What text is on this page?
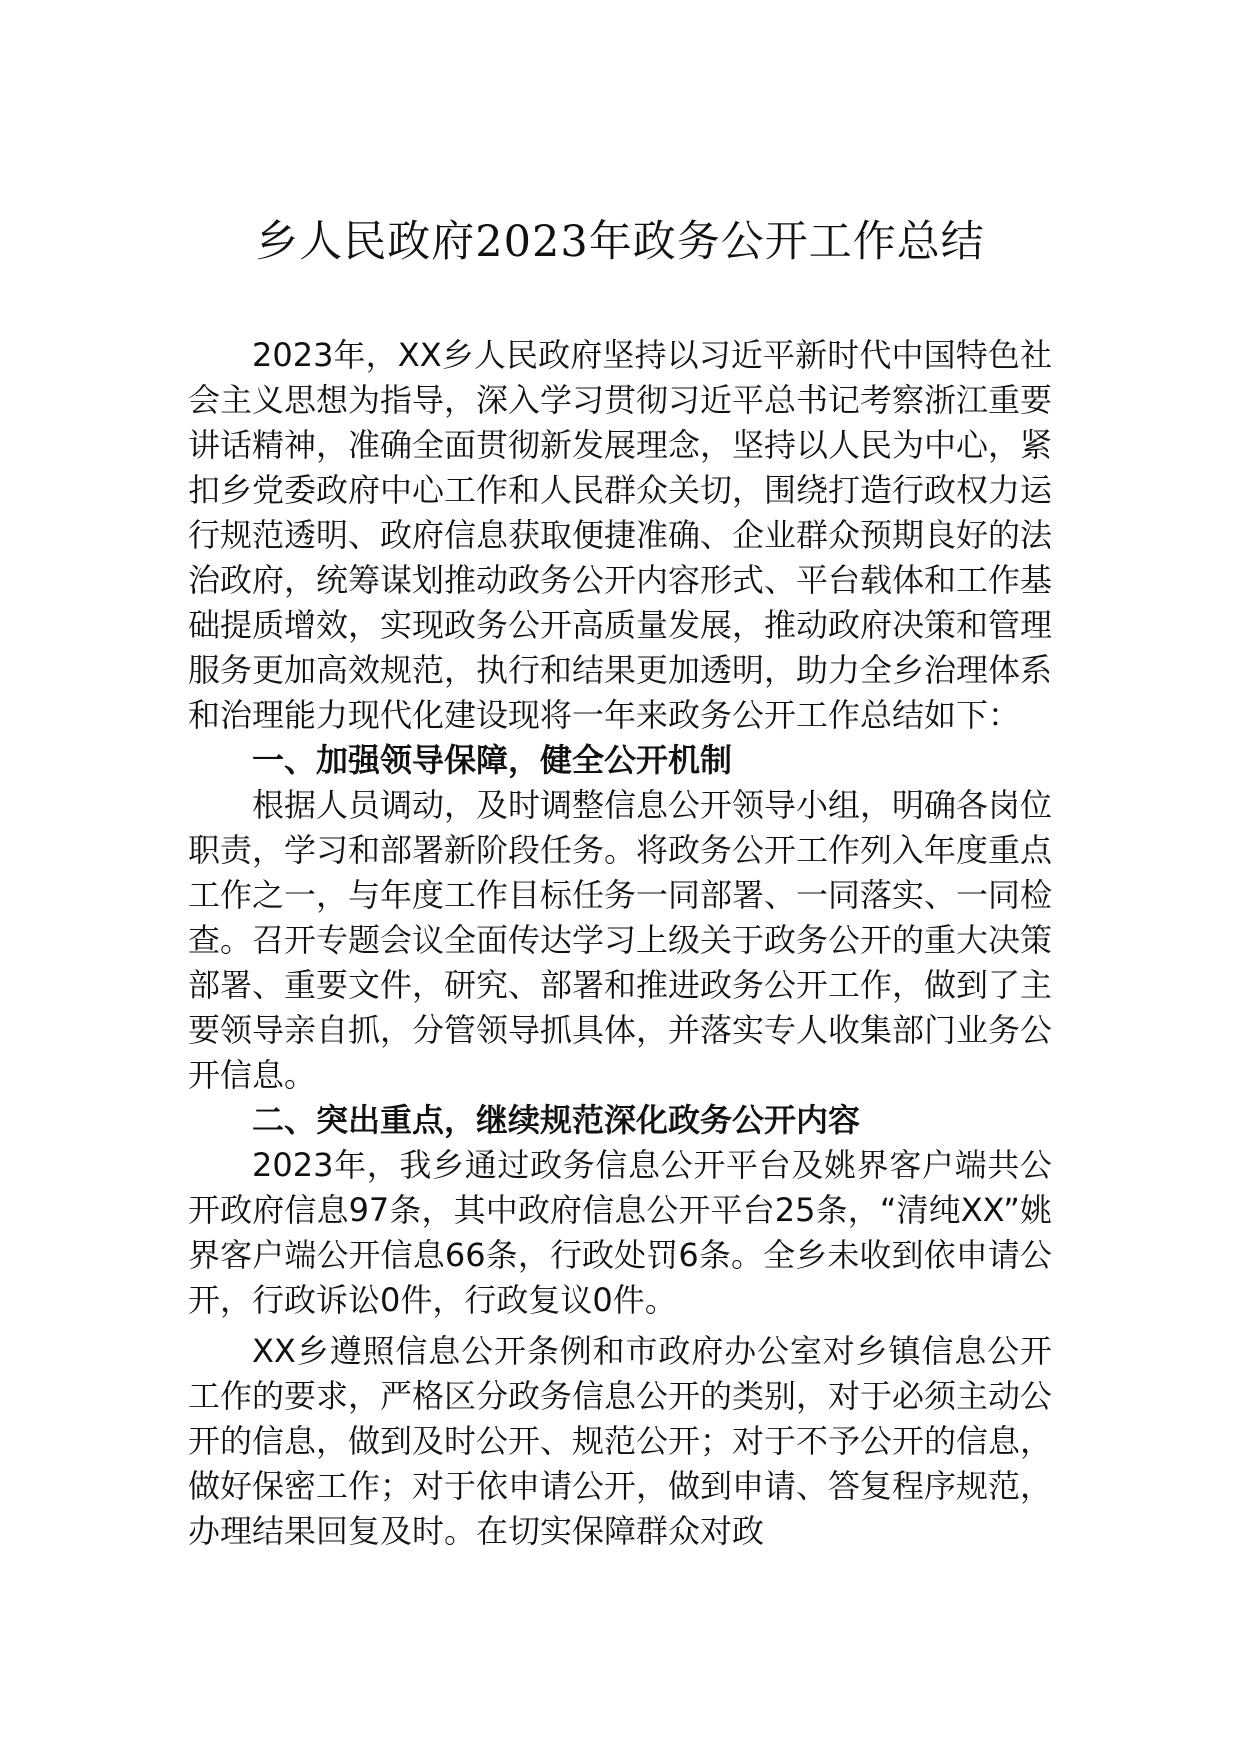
乡人民政府2023年政务公开工作总结

2023年，XX乡人民政府坚持以习近平新时代中国特色社会主义思想为指导，深入学习贯彻习近平总书记考察浙江重要讲话精神，准确全面贯彻新发展理念，坚持以人民为中心，紧扣乡党委政府中心工作和人民群众关切，围绕打造行政权力运行规范透明、政府信息获取便捷准确、企业群众预期良好的法治政府，统筹谋划推动政务公开内容形式、平台载体和工作基础提质增效，实现政务公开高质量发展，推动政府决策和管理服务更加高效规范，执行和结果更加透明，助力全乡治理体系和治理能力现代化建设现将一年来政务公开工作总结如下：

一、加强领导保障，健全公开机制

根据人员调动，及时调整信息公开领导小组，明确各岗位职责，学习和部署新阶段任务。将政务公开工作列入年度重点工作之一，与年度工作目标任务一同部署、一同落实、一同检查。召开专题会议全面传达学习上级关于政务公开的重大决策部署、重要文件，研究、部署和推进政务公开工作，做到了主要领导亲自抓，分管领导抓具体，并落实专人收集部门业务公开信息。

二、突出重点，继续规范深化政务公开内容

2023年，我乡通过政务信息公开平台及姚界客户端共公开政府信息97条，其中政府信息公开平台25条，“清纯XX”姚界客户端公开信息66条，行政处罚6条。全乡未收到依申请公开，行政诉讼0件，行政复议0件。

XX乡遵照信息公开条例和市政府办公室对乡镇信息公开工作的要求，严格区分政务信息公开的类别，对于必须主动公开的信息，做到及时公开、规范公开；对于不予公开的信息，做好保密工作；对于依申请公开，做到申请、答复程序规范，办理结果回复及时。在切实保障群众对政
